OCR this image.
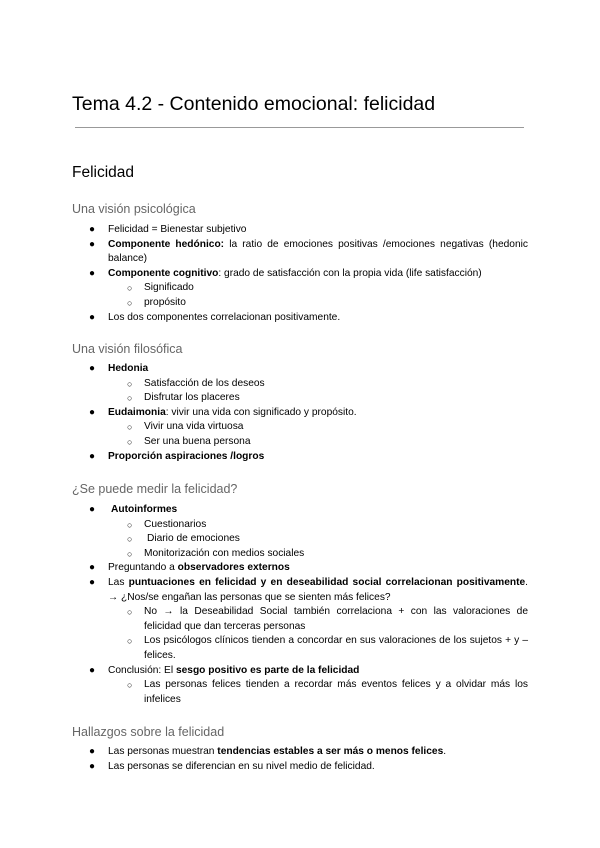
Tema 4.2 - Contenido emocional: felicidad
Felicidad
Una visión psicológica
● Felicidad = Bienestar subjetivo
● Componente hedónico: la ratio de emociones positivas /emociones negativas (hedonic balance)
● Componente cognitivo: grado de satisfacción con la propia vida (life satisfacción)
○ Significado
○ propósito
● Los dos componentes correlacionan positivamente.
Una visión filosófica
● Hedonia
○ Satisfacción de los deseos
○ Disfrutar los placeres
● Eudaimonia: vivir una vida con significado y propósito.
○ Vivir una vida virtuosa
○ Ser una buena persona
● Proporción aspiraciones /logros
¿Se puede medir la felicidad?
● Autoinformes
○ Cuestionarios
○ Diario de emociones
○ Monitorización con medios sociales
● Preguntando a observadores externos
● Las puntuaciones en felicidad y en deseabilidad social correlacionan positivamente. → ¿Nos/se engañan las personas que se sienten más felices?
○ No → la Deseabilidad Social también correlaciona + con las valoraciones de felicidad que dan terceras personas
○ Los psicólogos clínicos tienden a concordar en sus valoraciones de los sujetos + y – felices.
● Conclusión: El sesgo positivo es parte de la felicidad
○ Las personas felices tienden a recordar más eventos felices y a olvidar más los infelices
Hallazgos sobre la felicidad
● Las personas muestran tendencias estables a ser más o menos felices.
● Las personas se diferencian en su nivel medio de felicidad.
